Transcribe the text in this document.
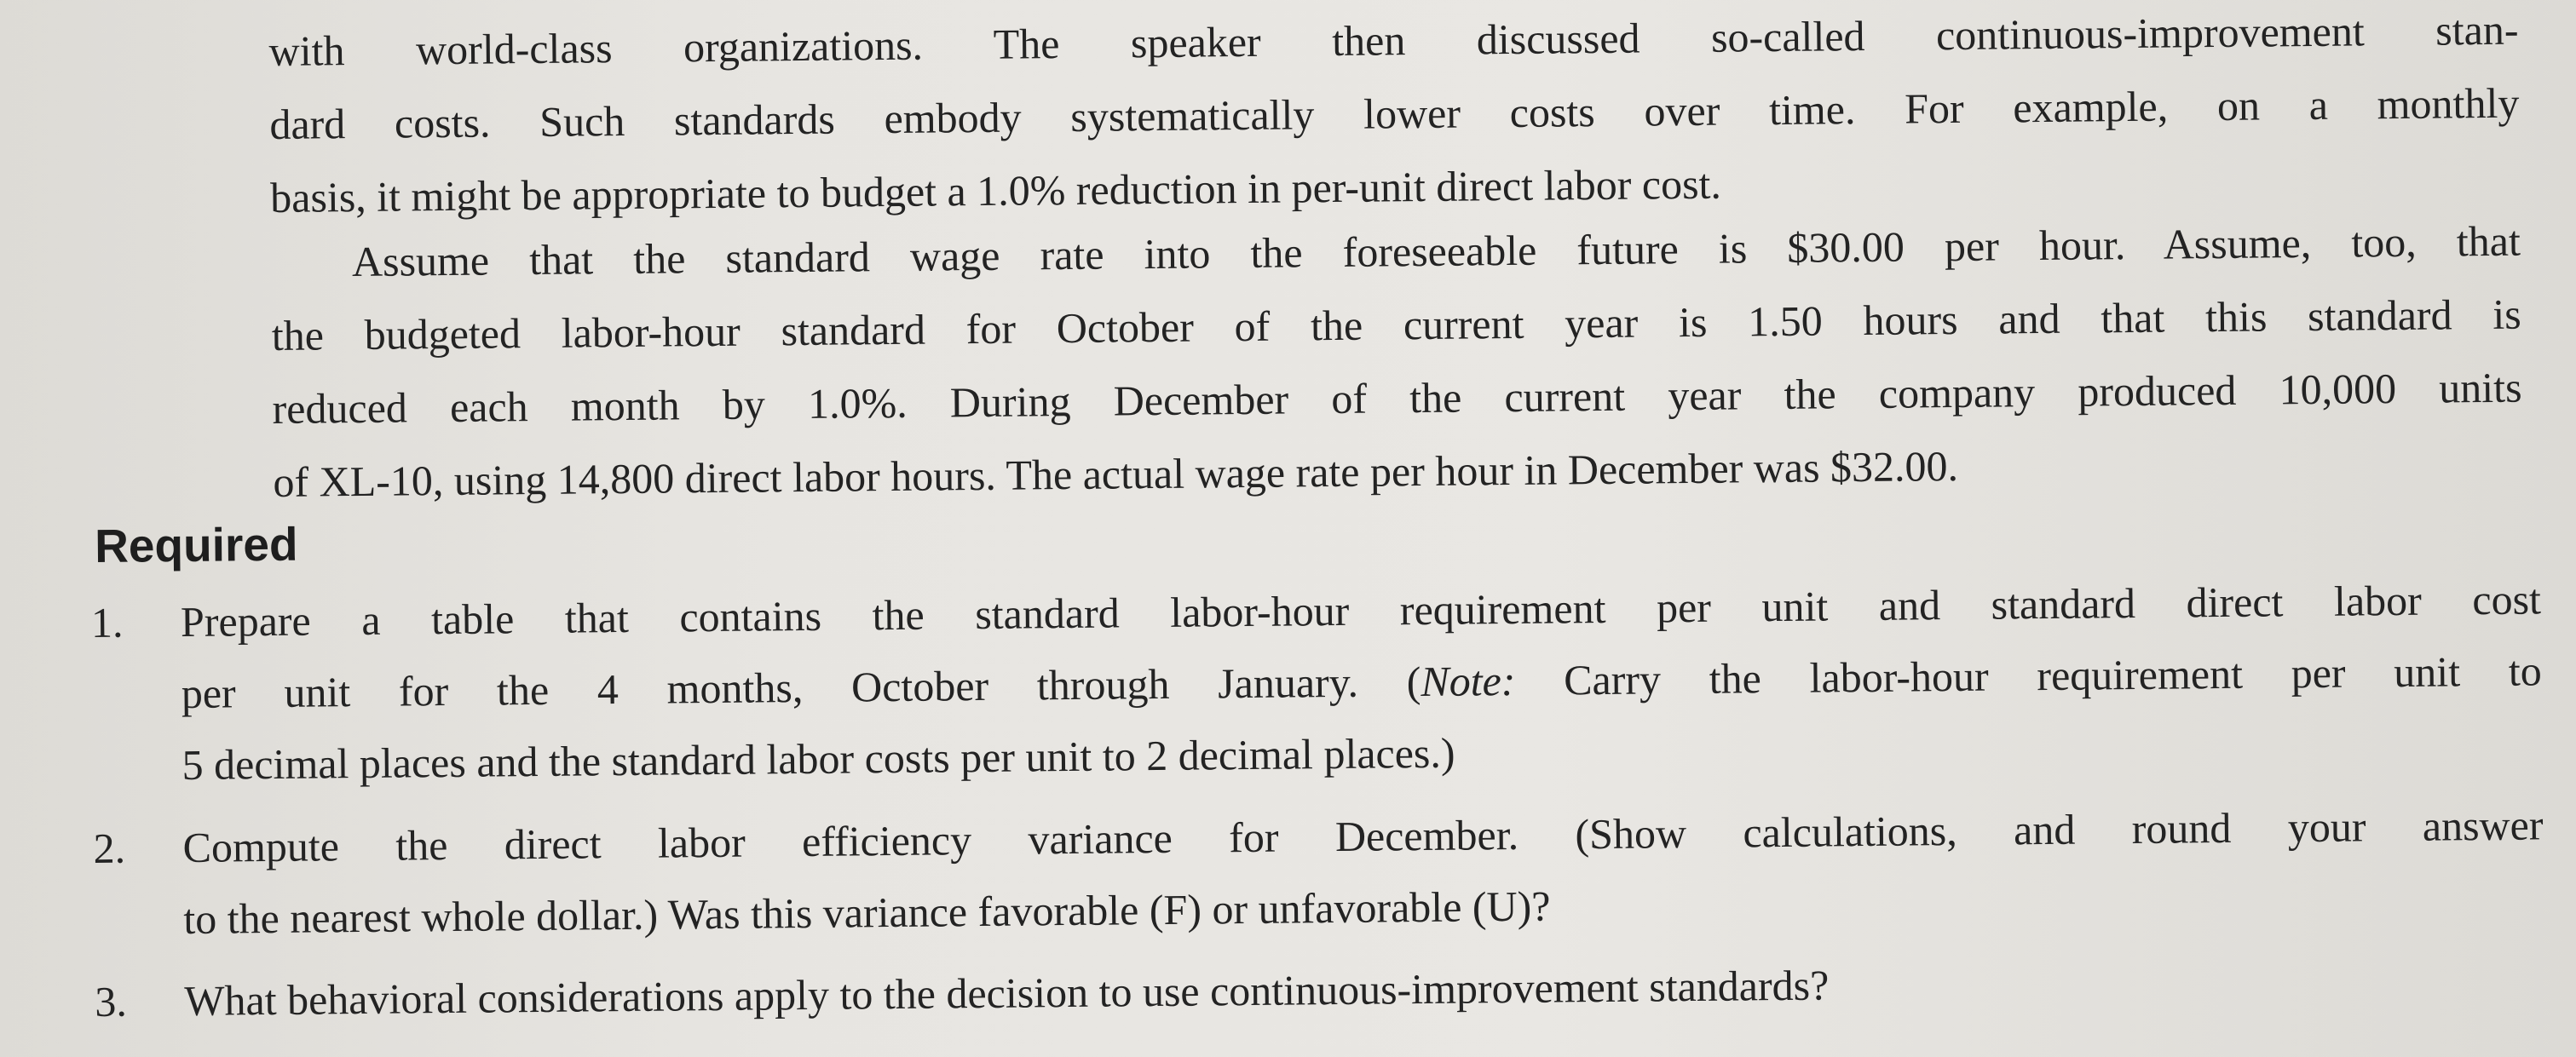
with world-class organizations. The speaker then discussed so-called continuous-improvement stan-
dard costs. Such standards embody systematically lower costs over time. For example, on a monthly
basis, it might be appropriate to budget a 1.0% reduction in per-unit direct labor cost.
Assume that the standard wage rate into the foreseeable future is $30.00 per hour. Assume, too, that
the budgeted labor-hour standard for October of the current year is 1.50 hours and that this standard is
reduced each month by 1.0%. During December of the current year the company produced 10,000 units
of XL-10, using 14,800 direct labor hours. The actual wage rate per hour in December was $32.00.
Required
1.	Prepare a table that contains the standard labor-hour requirement per unit and standard direct labor cost
per unit for the 4 months, October through January. (Note: Carry the labor-hour requirement per unit to
5 decimal places and the standard labor costs per unit to 2 decimal places.)
2.	Compute the direct labor efficiency variance for December. (Show calculations, and round your answer
to the nearest whole dollar.) Was this variance favorable (F) or unfavorable (U)?
3.	What behavioral considerations apply to the decision to use continuous-improvement standards?
